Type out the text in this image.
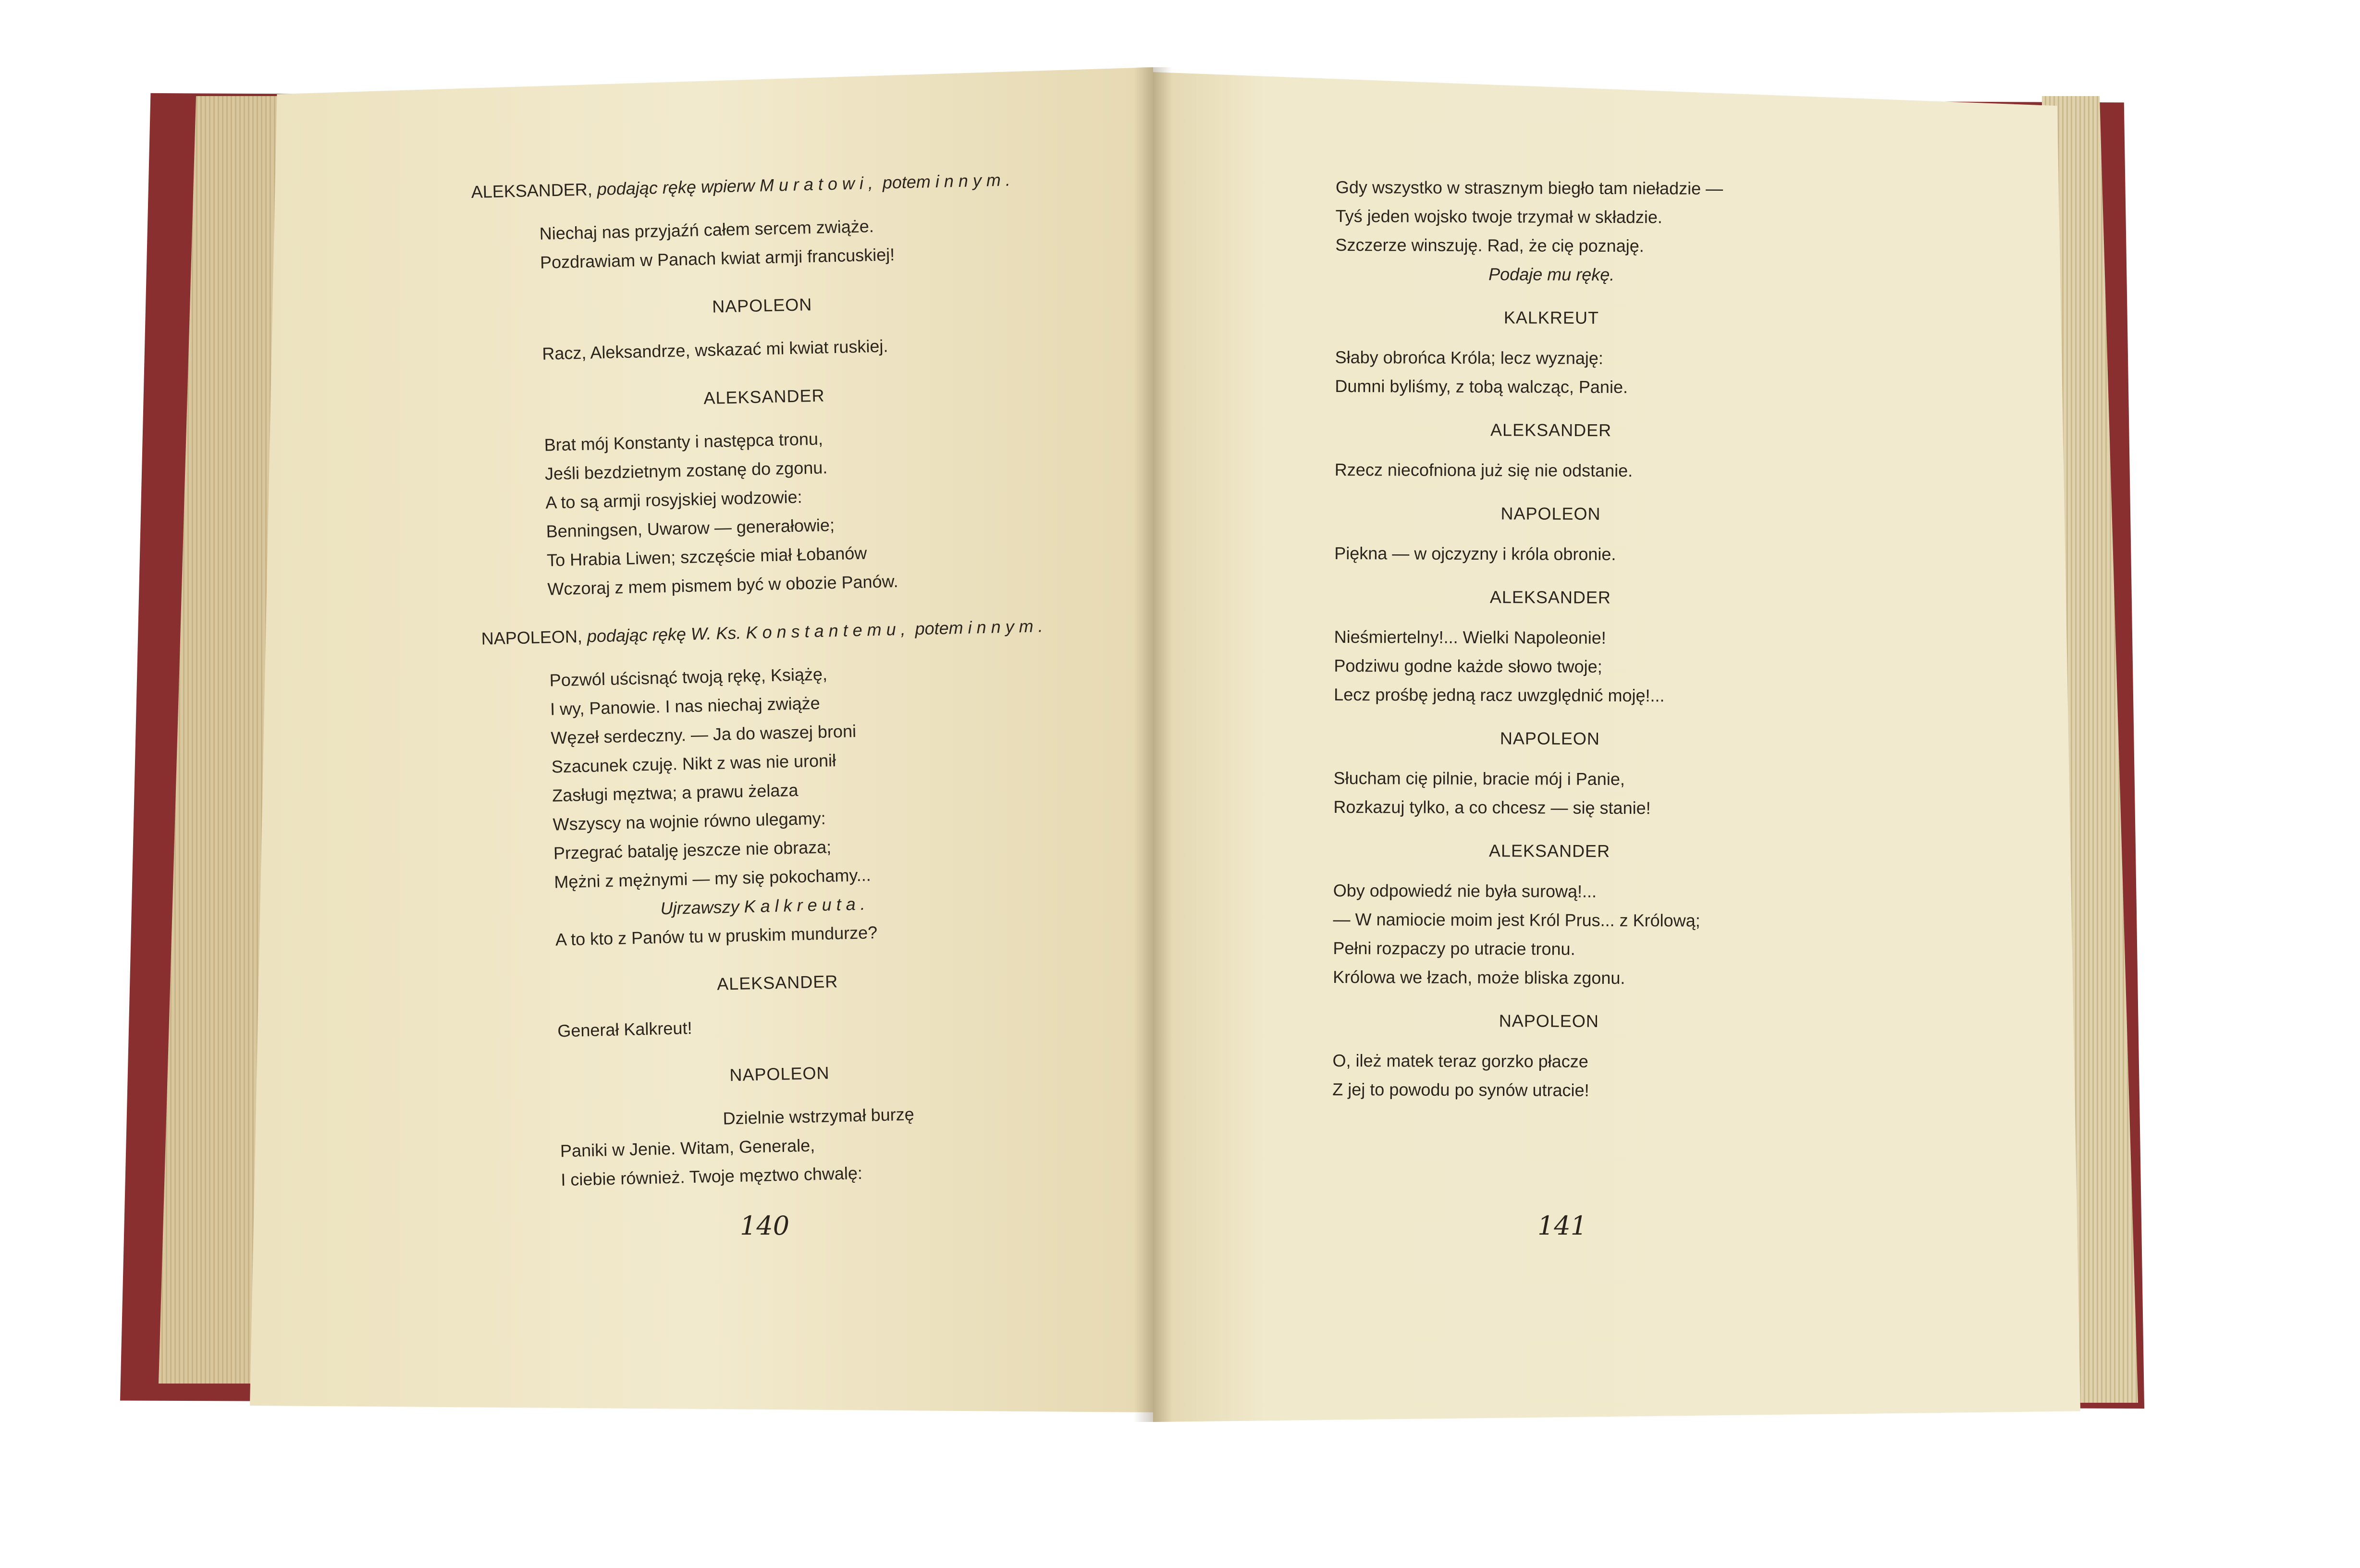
ALEKSANDER, podając rękę wpierw Muratowi, potem innym.
Niechaj nas przyjaźń całem sercem zwiąże.
Pozdrawiam w Panach kwiat armji francuskiej!
NAPOLEON
Racz, Aleksandrze, wskazać mi kwiat ruskiej.
ALEKSANDER
Brat mój Konstanty i następca tronu,
Jeśli bezdzietnym zostanę do zgonu.
A to są armji rosyjskiej wodzowie:
Benningsen, Uwarow — generałowie;
To Hrabia Liwen; szczęście miał Łobanów
Wczoraj z mem pismem być w obozie Panów.
NAPOLEON, podając rękę W. Ks. Konstantemu, potem innym.
Pozwól uścisnąć twoją rękę, Książę,
I wy, Panowie. I nas niechaj zwiąże
Węzeł serdeczny. — Ja do waszej broni
Szacunek czuję. Nikt z was nie uronił
Zasługi męztwa; a prawu żelaza
Wszyscy na wojnie równo ulegamy:
Przegrać batalję jeszcze nie obraza;
Mężni z mężnymi — my się pokochamy...
Ujrzawszy Kalkreuta.
A to kto z Panów tu w pruskim mundurze?
ALEKSANDER
Generał Kalkreut!
NAPOLEON
Dzielnie wstrzymał burzę
Paniki w Jenie. Witam, Generale,
I ciebie również. Twoje męztwo chwalę:
140
Gdy wszystko w strasznym biegło tam nieładzie —
Tyś jeden wojsko twoje trzymał w składzie.
Szczerze winszuję. Rad, że cię poznaję.
Podaje mu rękę.
KALKREUT
Słaby obrońca Króla; lecz wyznaję:
Dumni byliśmy, z tobą walcząc, Panie.
ALEKSANDER
Rzecz niecofniona już się nie odstanie.
NAPOLEON
Piękna — w ojczyzny i króla obronie.
ALEKSANDER
Nieśmiertelny!... Wielki Napoleonie!
Podziwu godne każde słowo twoje;
Lecz prośbę jedną racz uwzględnić moję!...
NAPOLEON
Słucham cię pilnie, bracie mój i Panie,
Rozkazuj tylko, a co chcesz — się stanie!
ALEKSANDER
Oby odpowiedź nie była surową!...
— W namiocie moim jest Król Prus... z Królową;
Pełni rozpaczy po utracie tronu.
Królowa we łzach, może bliska zgonu.
NAPOLEON
O, ileż matek teraz gorzko płacze
Z jej to powodu po synów utracie!
141
